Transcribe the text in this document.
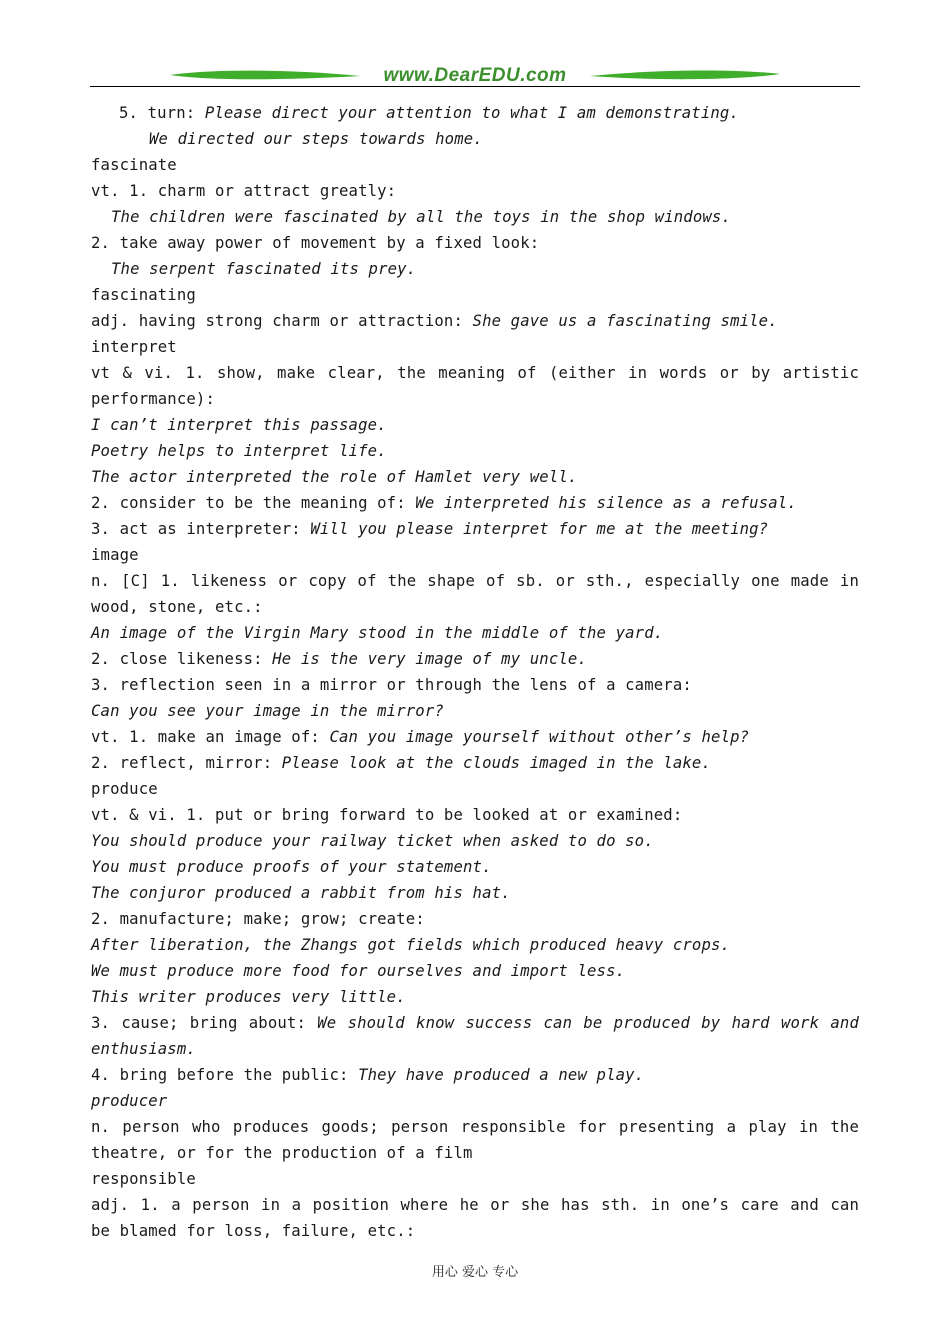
www.DearEDU.com
5. turn: Please direct your attention to what I am demonstrating.
We directed our steps towards home.
fascinate
vt. 1. charm or attract greatly:
The children were fascinated by all the toys in the shop windows.
2. take away power of movement by a fixed look:
The serpent fascinated its prey.
fascinating
adj. having strong charm or attraction: She gave us a fascinating smile.
interpret
vt & vi. 1. show, make clear, the meaning of (either in words or by artistic
performance):
I can’t interpret this passage.
Poetry helps to interpret life.
The actor interpreted the role of Hamlet very well.
2. consider to be the meaning of: We interpreted his silence as a refusal.
3. act as interpreter: Will you please interpret for me at the meeting?
image
n. [C] 1. likeness or copy of the shape of sb. or sth., especially one made in
wood, stone, etc.:
An image of the Virgin Mary stood in the middle of the yard.
2. close likeness: He is the very image of my uncle.
3. reflection seen in a mirror or through the lens of a camera:
Can you see your image in the mirror?
vt. 1. make an image of: Can you image yourself without other’s help?
2. reflect, mirror: Please look at the clouds imaged in the lake.
produce
vt. & vi. 1. put or bring forward to be looked at or examined:
You should produce your railway ticket when asked to do so.
You must produce proofs of your statement.
The conjuror produced a rabbit from his hat.
2. manufacture; make; grow; create:
After liberation, the Zhangs got fields which produced heavy crops.
We must produce more food for ourselves and import less.
This writer produces very little.
3. cause; bring about: We should know success can be produced by hard work and
enthusiasm.
4. bring before the public: They have produced a new play.
producer
n. person who produces goods; person responsible for presenting a play in the
theatre, or for the production of a film
responsible
adj. 1. a person in a position where he or she has sth. in one’s care and can
be blamed for loss, failure, etc.:
用心 爱心 专心
